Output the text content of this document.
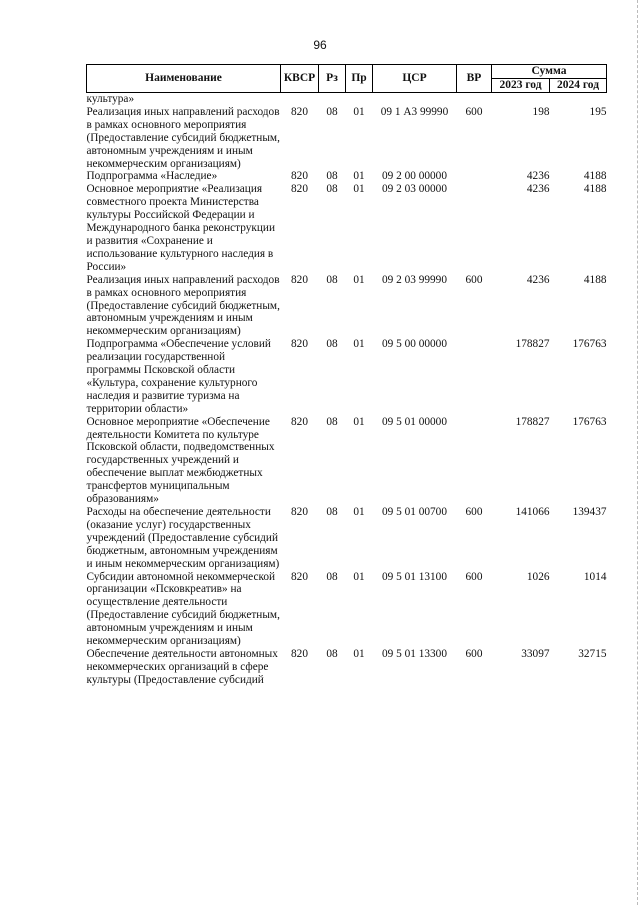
96
Наименование	КВСР	Рз	Пр	ЦСР	ВР	Сумма	
						2023 год	2024 год
культура»							
Реализация иных направлений расходов в рамках основного мероприятия (Предоставление субсидий бюджетным, автономным учреждениям и иным некоммерческим организациям)	820	08	01	09 1 А3 99990	600	198	195
Подпрограмма «Наследие»	820	08	01	09 2 00 00000		4236	4188
Основное мероприятие «Реализация совместного проекта Министерства культуры Российской Федерации и Международного банка реконструкции и развития «Сохранение и использование культурного наследия в России»	820	08	01	09 2 03 00000		4236	4188
Реализация иных направлений расходов в рамках основного мероприятия (Предоставление субсидий бюджетным, автономным учреждениям и иным некоммерческим организациям)	820	08	01	09 2 03 99990	600	4236	4188
Подпрограмма «Обеспечение условий реализации государственной программы Псковской области «Культура, сохранение культурного наследия и развитие туризма на территории области»	820	08	01	09 5 00 00000		178827	176763
Основное мероприятие «Обеспечение деятельности Комитета по культуре Псковской области, подведомственных государственных учреждений и обеспечение выплат межбюджетных трансфертов муниципальным образованиям»	820	08	01	09 5 01 00000		178827	176763
Расходы на обеспечение деятельности (оказание услуг) государственных учреждений (Предоставление субсидий бюджетным, автономным учреждениям и иным некоммерческим организациям)	820	08	01	09 5 01 00700	600	141066	139437
Субсидии автономной некоммерческой организации «Псковкреатив» на осуществление деятельности (Предоставление субсидий бюджетным, автономным учреждениям и иным некоммерческим организациям)	820	08	01	09 5 01 13100	600	1026	1014
Обеспечение деятельности автономных некоммерческих организаций в сфере культуры (Предоставление субсидий	820	08	01	09 5 01 13300	600	33097	32715
